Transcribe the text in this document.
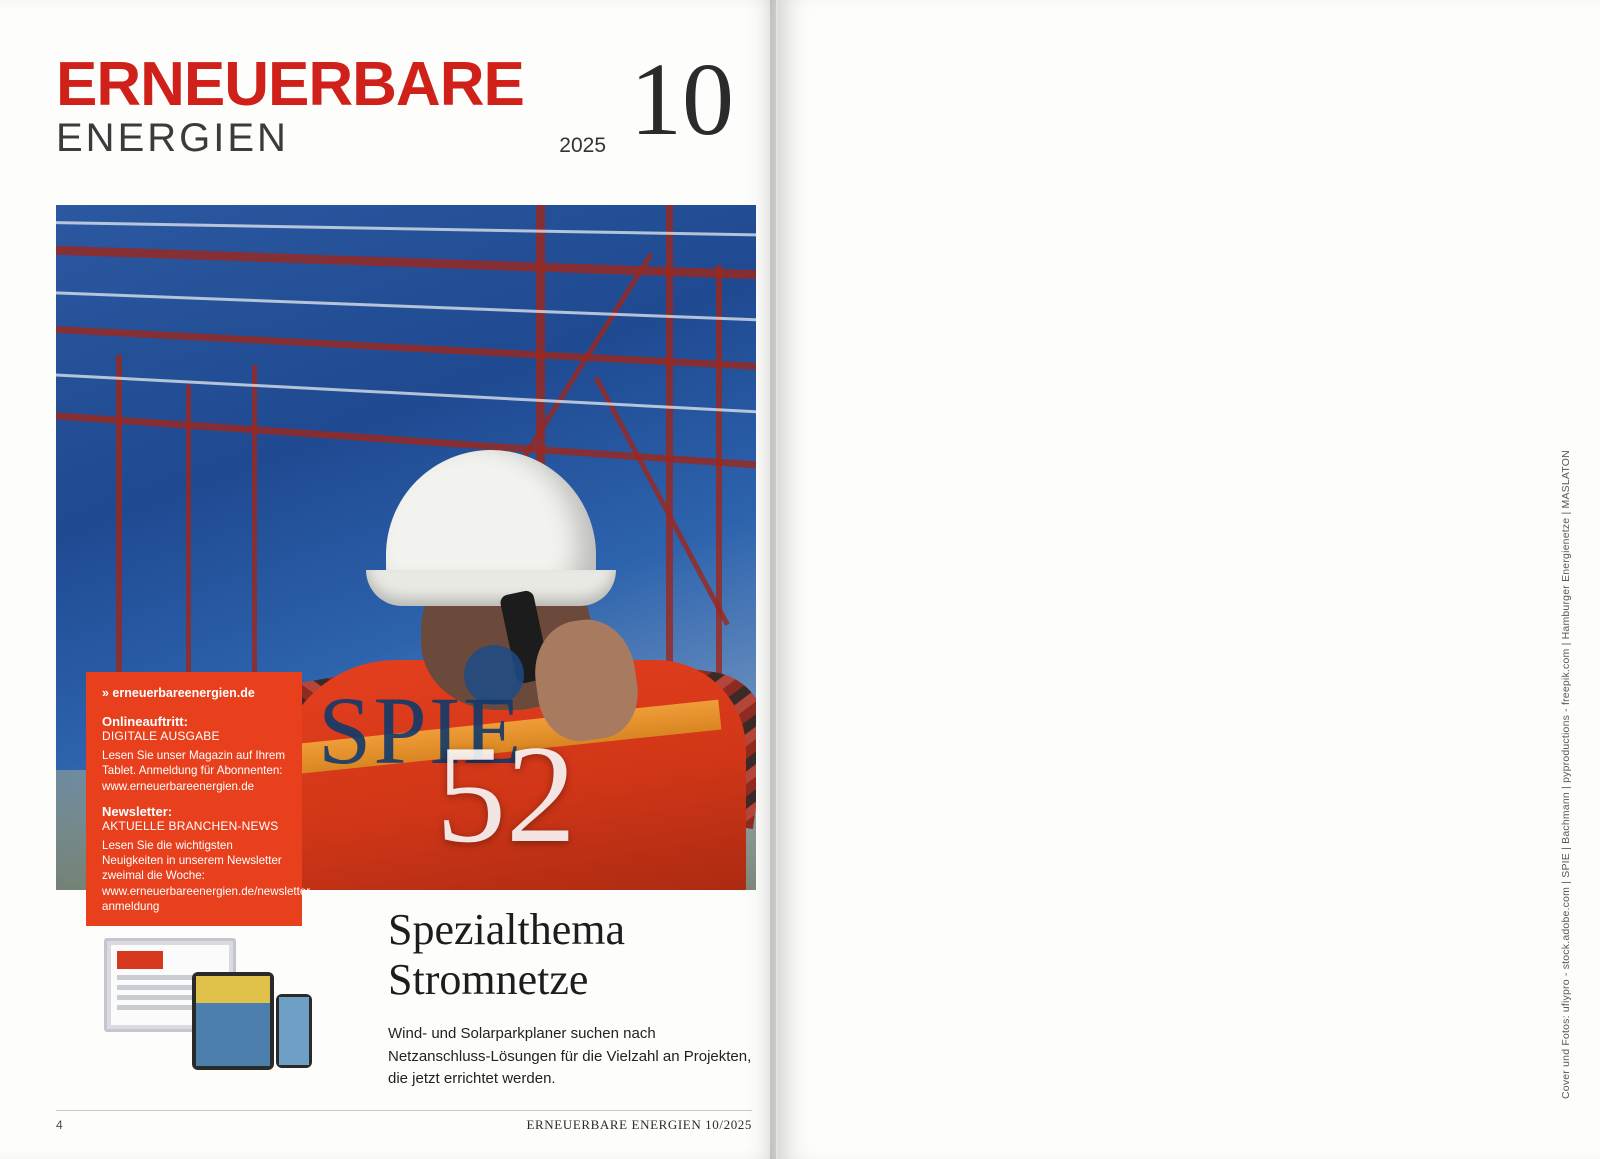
ERNEUERBARE
ENERGIEN	10
2025
SPIE
52
» erneuerbareenergien.de
Onlineauftritt:
DIGITALE AUSGABE

Lesen Sie unser Magazin auf Ihrem Tablet. Anmeldung für Abonnenten: www.erneuerbareenergien.de

Newsletter:
AKTUELLE BRANCHEN-NEWS

Lesen Sie die wichtigsten Neuigkeiten in unserem Newsletter zweimal die Woche: www.erneuerbareenergien.de/newsletter-anmeldung	Spezialthema Stromnetze

Wind- und Solarparkplaner suchen nach Netzanschluss-Lösungen für die Vielzahl an Projekten, die jetzt errichtet werden.

4	ERNEUERBARE ENERGIEN 10/2025
Cover und Fotos: ufiypro - stock.adobe.com | SPIE | Bachmann | pyproductions - freepik.com | Hamburger Energienetze | MASLATON
